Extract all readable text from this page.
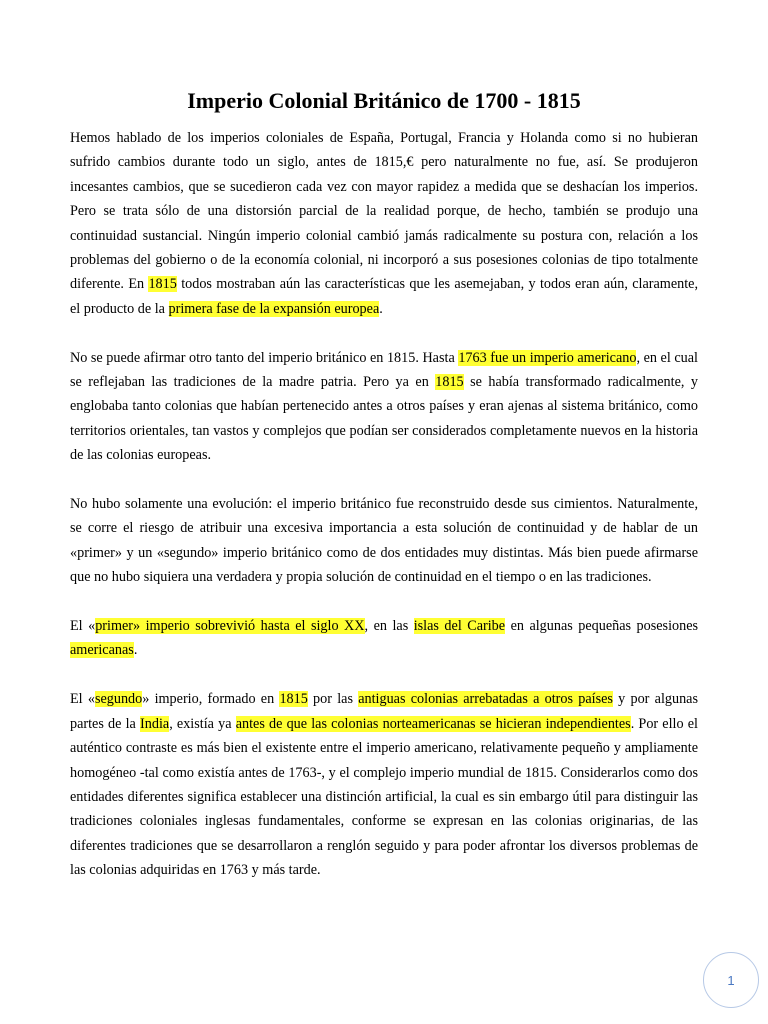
Imperio Colonial Británico de 1700 - 1815

Hemos hablado de los imperios coloniales de España, Portugal, Francia y Holanda como si no hubieran sufrido cambios durante todo un siglo, antes de 1815,€ pero naturalmente no fue, así. Se produjeron incesantes cambios, que se sucedieron cada vez con mayor rapidez a medida que se deshacían los imperios. Pero se trata sólo de una distorsión parcial de la realidad porque, de hecho, también se produjo una continuidad sustancial. Ningún imperio colonial cambió jamás radicalmente su postura con, relación a los problemas del gobierno o de la economía colonial, ni incorporó a sus posesiones colonias de tipo totalmente diferente. En 1815 todos mostraban aún las características que les asemejaban, y todos eran aún, claramente, el producto de la primera fase de la expansión europea.

No se puede afirmar otro tanto del imperio británico en 1815. Hasta 1763 fue un imperio americano, en el cual se reflejaban las tradiciones de la madre patria. Pero ya en 1815 se había transformado radicalmente, y englobaba tanto colonias que habían pertenecido antes a otros países y eran ajenas al sistema británico, como territorios orientales, tan vastos y complejos que podían ser considerados completamente nuevos en la historia de las colonias europeas.

No hubo solamente una evolución: el imperio británico fue reconstruido desde sus cimientos. Naturalmente, se corre el riesgo de atribuir una excesiva importancia a esta solución de continuidad y de hablar de un «primer» y un «segundo» imperio británico como de dos entidades muy distintas. Más bien puede afirmarse que no hubo siquiera una verdadera y propia solución de continuidad en el tiempo o en las tradiciones.

El «primer» imperio sobrevivió hasta el siglo XX, en las islas del Caribe en algunas pequeñas posesiones americanas.

El «segundo» imperio, formado en 1815 por las antiguas colonias arrebatadas a otros países y por algunas partes de la India, existía ya antes de que las colonias norteamericanas se hicieran independientes. Por ello el auténtico contraste es más bien el existente entre el imperio americano, relativamente pequeño y ampliamente homogéneo -tal como existía antes de 1763-, y el complejo imperio mundial de 1815. Considerarlos como dos entidades diferentes significa establecer una distinción artificial, la cual es sin embargo útil para distinguir las tradiciones coloniales inglesas fundamentales, conforme se expresan en las colonias originarias, de las diferentes tradiciones que se desarrollaron a renglón seguido y para poder afrontar los diversos problemas de las colonias adquiridas en 1763 y más tarde.

1
